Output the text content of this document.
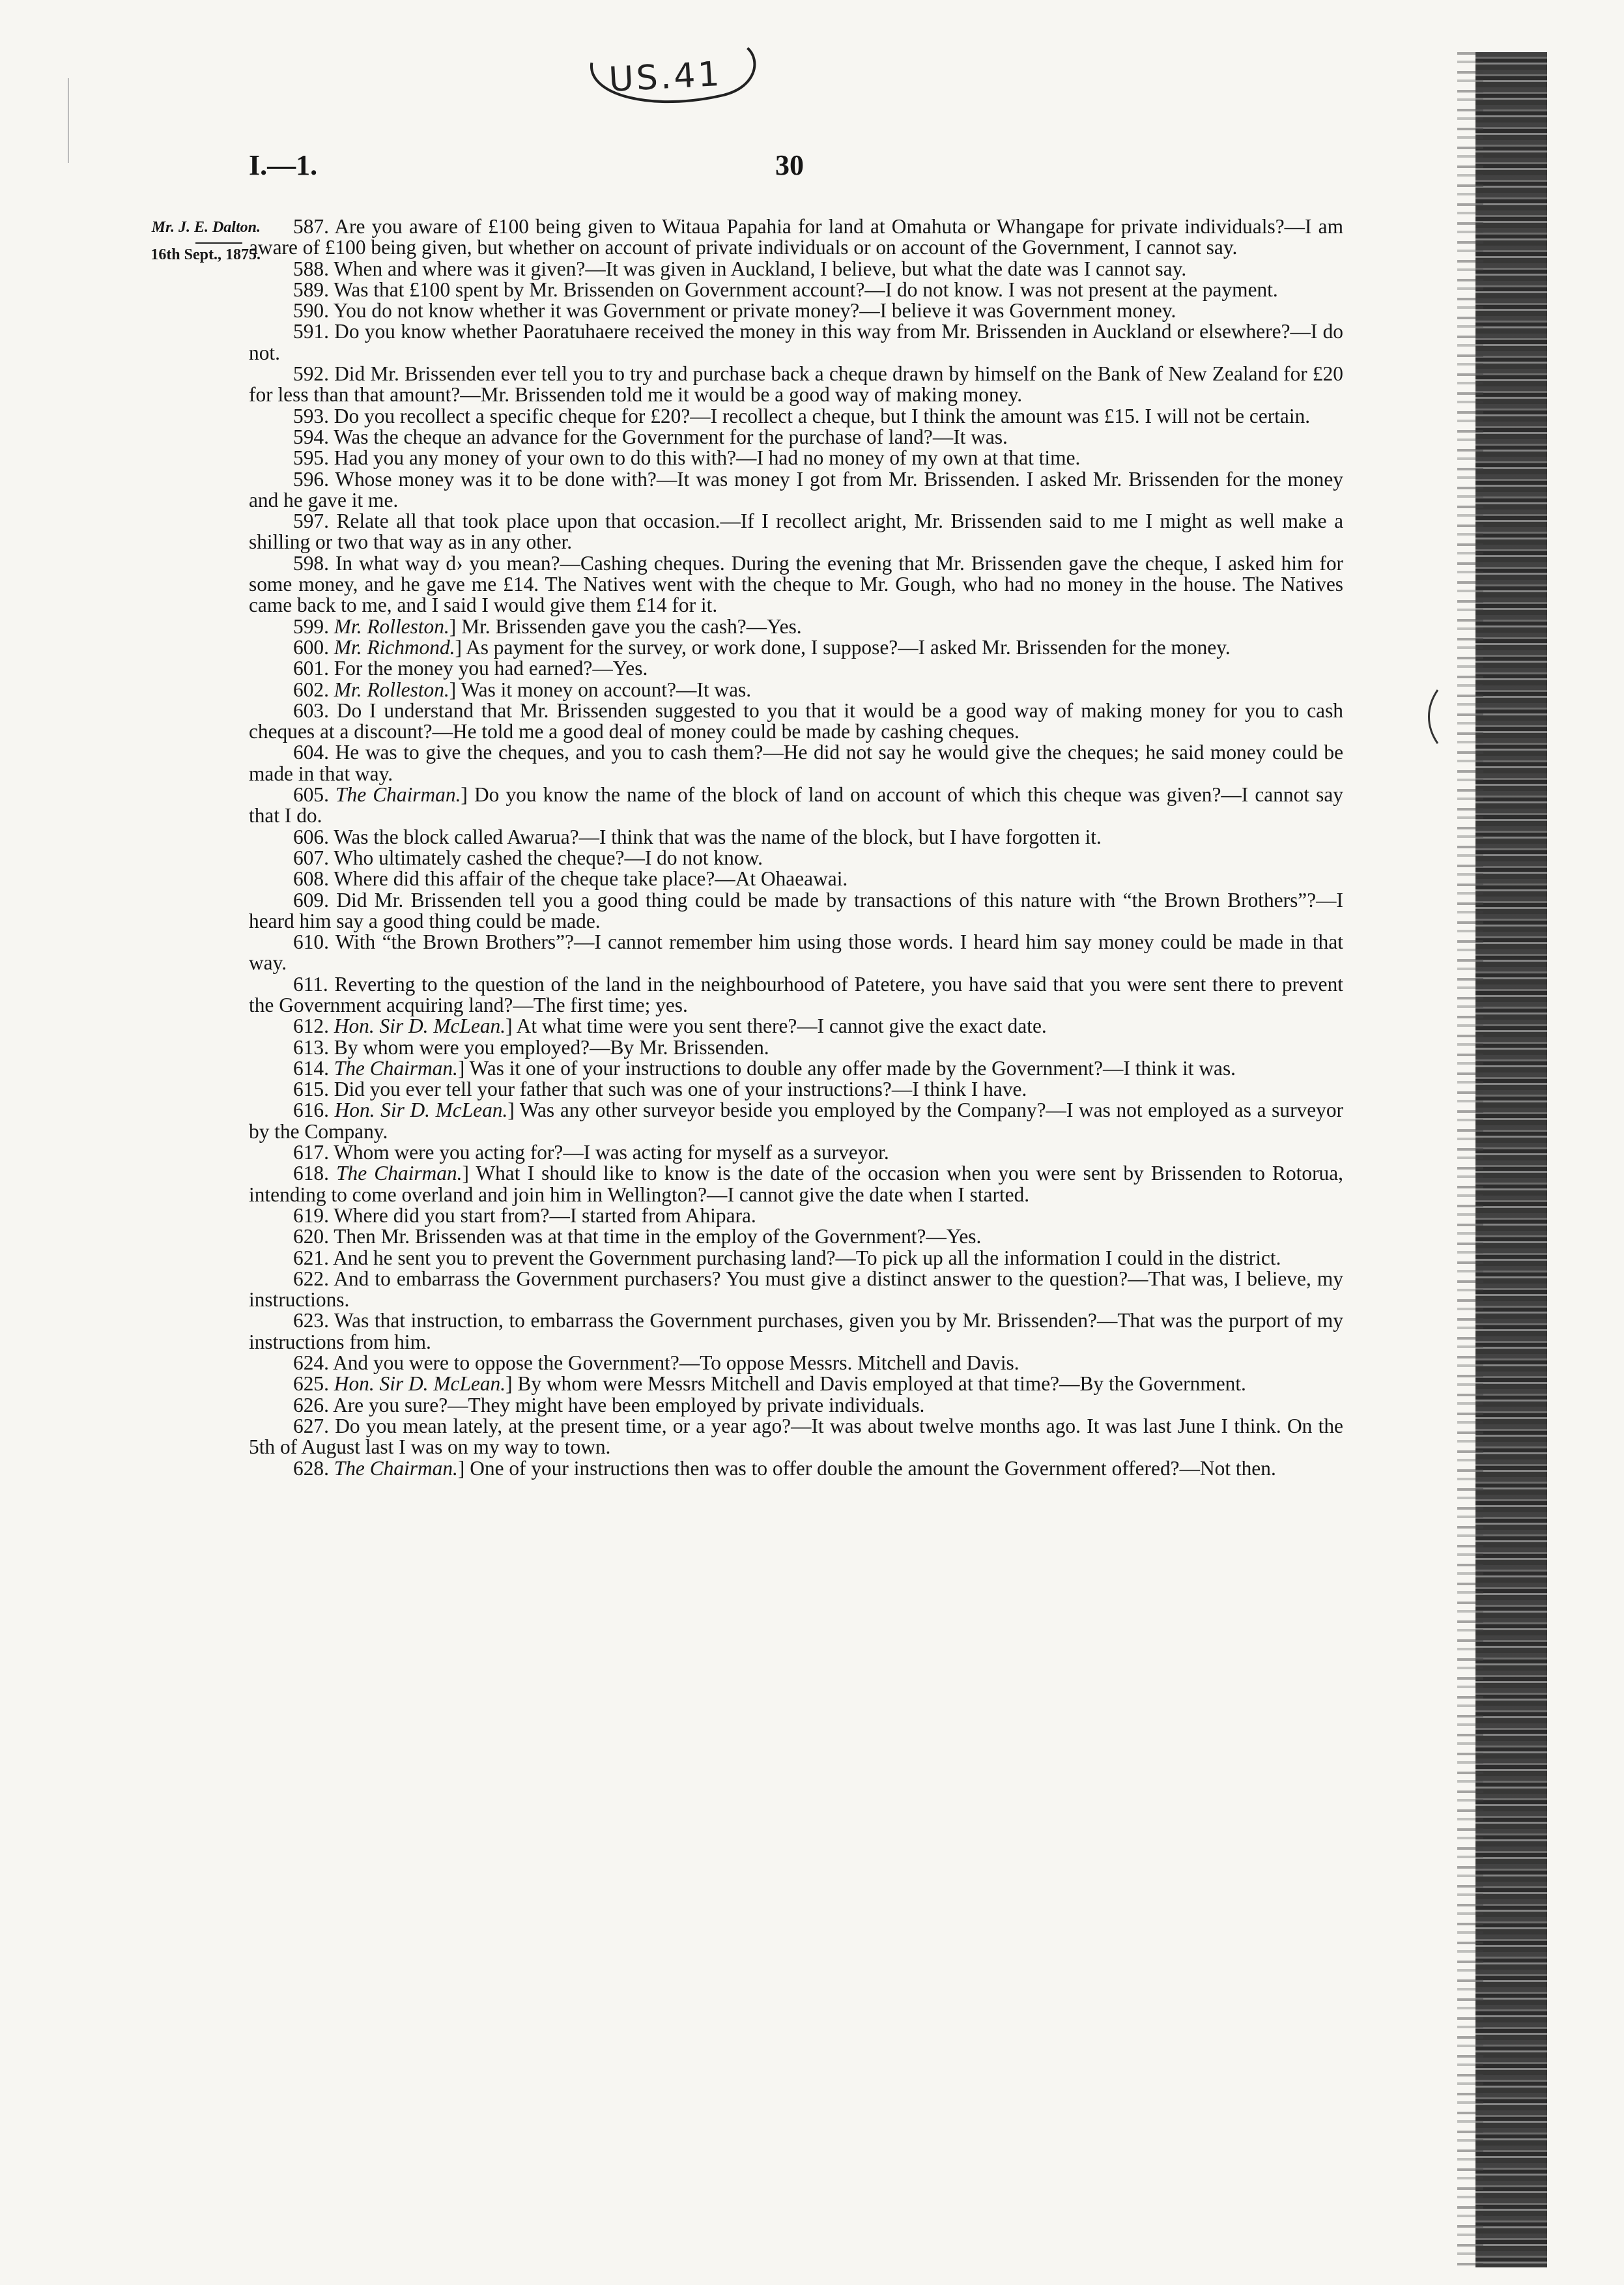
US.41
I.—1.	30
Mr. J. E. Dalton.
16th Sept., 1875.

587. Are you aware of £100 being given to Witaua Papahia for land at Omahuta or Whangape for private individuals?—I am aware of £100 being given, but whether on account of private individuals or on account of the Government, I cannot say.

588. When and where was it given?—It was given in Auckland, I believe, but what the date was I cannot say.

589. Was that £100 spent by Mr. Brissenden on Government account?—I do not know. I was not present at the payment.

590. You do not know whether it was Government or private money?—I believe it was Government money.

591. Do you know whether Paoratuhaere received the money in this way from Mr. Brissenden in Auckland or elsewhere?—I do not.

592. Did Mr. Brissenden ever tell you to try and purchase back a cheque drawn by himself on the Bank of New Zealand for £20 for less than that amount?—Mr. Brissenden told me it would be a good way of making money.

593. Do you recollect a specific cheque for £20?—I recollect a cheque, but I think the amount was £15. I will not be certain.

594. Was the cheque an advance for the Government for the purchase of land?—It was.

595. Had you any money of your own to do this with?—I had no money of my own at that time.

596. Whose money was it to be done with?—It was money I got from Mr. Brissenden. I asked Mr. Brissenden for the money and he gave it me.

597. Relate all that took place upon that occasion.—If I recollect aright, Mr. Brissenden said to me I might as well make a shilling or two that way as in any other.

598. In what way d› you mean?—Cashing cheques. During the evening that Mr. Brissenden gave the cheque, I asked him for some money, and he gave me £14. The Natives went with the cheque to Mr. Gough, who had no money in the house. The Natives came back to me, and I said I would give them £14 for it.

599. Mr. Rolleston.] Mr. Brissenden gave you the cash?—Yes.

600. Mr. Richmond.] As payment for the survey, or work done, I suppose?—I asked Mr. Brissenden for the money.

601. For the money you had earned?—Yes.

602. Mr. Rolleston.] Was it money on account?—It was.

603. Do I understand that Mr. Brissenden suggested to you that it would be a good way of making money for you to cash cheques at a discount?—He told me a good deal of money could be made by cashing cheques.

604. He was to give the cheques, and you to cash them?—He did not say he would give the cheques; he said money could be made in that way.

605. The Chairman.] Do you know the name of the block of land on account of which this cheque was given?—I cannot say that I do.

606. Was the block called Awarua?—I think that was the name of the block, but I have forgotten it.

607. Who ultimately cashed the cheque?—I do not know.

608. Where did this affair of the cheque take place?—At Ohaeawai.

609. Did Mr. Brissenden tell you a good thing could be made by transactions of this nature with “the Brown Brothers”?—I heard him say a good thing could be made.

610. With “the Brown Brothers”?—I cannot remember him using those words. I heard him say money could be made in that way.

611. Reverting to the question of the land in the neighbourhood of Patetere, you have said that you were sent there to prevent the Government acquiring land?—The first time; yes.

612. Hon. Sir D. McLean.] At what time were you sent there?—I cannot give the exact date.

613. By whom were you employed?—By Mr. Brissenden.

614. The Chairman.] Was it one of your instructions to double any offer made by the Government?—I think it was.

615. Did you ever tell your father that such was one of your instructions?—I think I have.

616. Hon. Sir D. McLean.] Was any other surveyor beside you employed by the Company?—I was not employed as a surveyor by the Company.

617. Whom were you acting for?—I was acting for myself as a surveyor.

618. The Chairman.] What I should like to know is the date of the occasion when you were sent by Brissenden to Rotorua, intending to come overland and join him in Wellington?—I cannot give the date when I started.

619. Where did you start from?—I started from Ahipara.

620. Then Mr. Brissenden was at that time in the employ of the Government?—Yes.

621. And he sent you to prevent the Government purchasing land?—To pick up all the information I could in the district.

622. And to embarrass the Government purchasers? You must give a distinct answer to the question?—That was, I believe, my instructions.

623. Was that instruction, to embarrass the Government purchases, given you by Mr. Brissenden?—That was the purport of my instructions from him.

624. And you were to oppose the Government?—To oppose Messrs. Mitchell and Davis.

625. Hon. Sir D. McLean.] By whom were Messrs Mitchell and Davis employed at that time?—By the Government.

626. Are you sure?—They might have been employed by private individuals.

627. Do you mean lately, at the present time, or a year ago?—It was about twelve months ago. It was last June I think. On the 5th of August last I was on my way to town.

628. The Chairman.] One of your instructions then was to offer double the amount the Government offered?—Not then.
